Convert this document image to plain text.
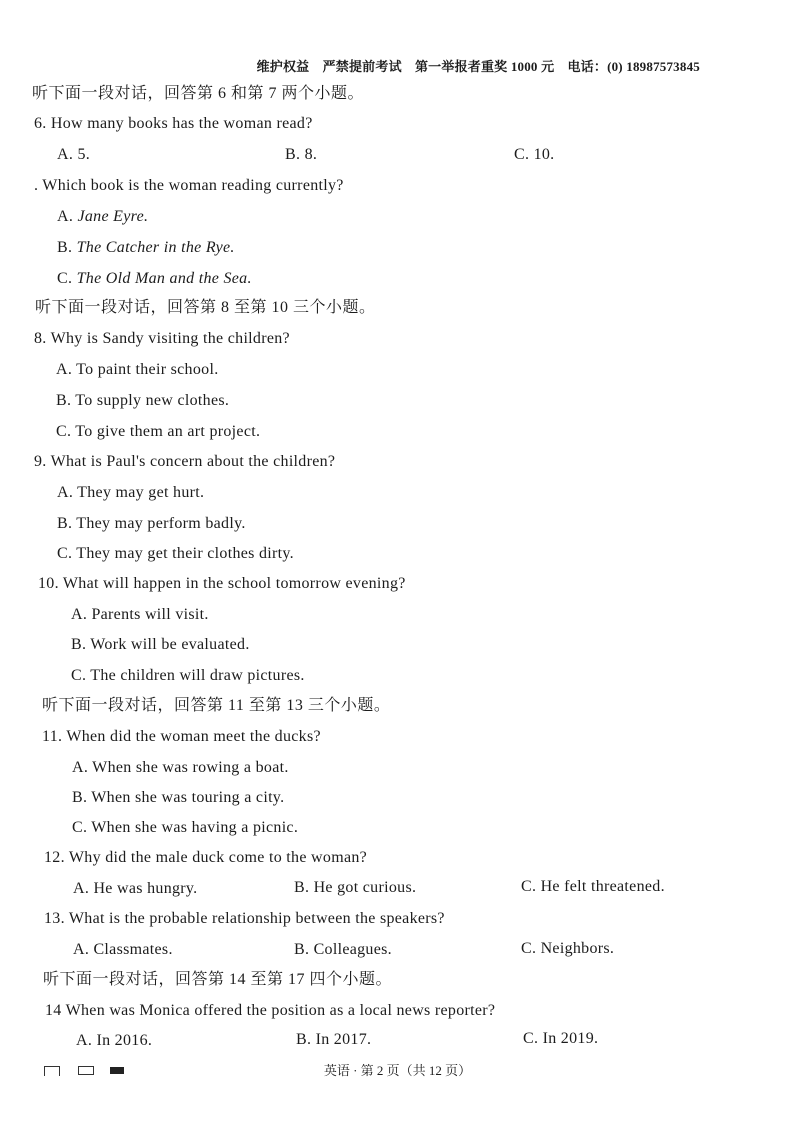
维护权益　严禁提前考试　第一举报者重奖 1000 元　电话：(0) 18987573845
听下面一段对话，回答第 6 和第 7 两个小题。
6. How many books has the woman read?
A. 5.	B. 8.	C. 10.
. Which book is the woman reading currently?
A. Jane Eyre.
B. The Catcher in the Rye.
C. The Old Man and the Sea.
听下面一段对话，回答第 8 至第 10 三个小题。
8. Why is Sandy visiting the children?
A. To paint their school.
B. To supply new clothes.
C. To give them an art project.
9. What is Paul's concern about the children?
A. They may get hurt.
B. They may perform badly.
C. They may get their clothes dirty.
10. What will happen in the school tomorrow evening?
A. Parents will visit.
B. Work will be evaluated.
C. The children will draw pictures.
听下面一段对话，回答第 11 至第 13 三个小题。
11. When did the woman meet the ducks?
A. When she was rowing a boat.
B. When she was touring a city.
C. When she was having a picnic.
12. Why did the male duck come to the woman?
A. He was hungry.	B. He got curious.	C. He felt threatened.
13. What is the probable relationship between the speakers?
A. Classmates.	B. Colleagues.	C. Neighbors.
听下面一段对话，回答第 14 至第 17 四个小题。
14 When was Monica offered the position as a local news reporter?
A. In 2016.	B. In 2017.	C. In 2019.
英语 · 第 2 页（共 12 页）
